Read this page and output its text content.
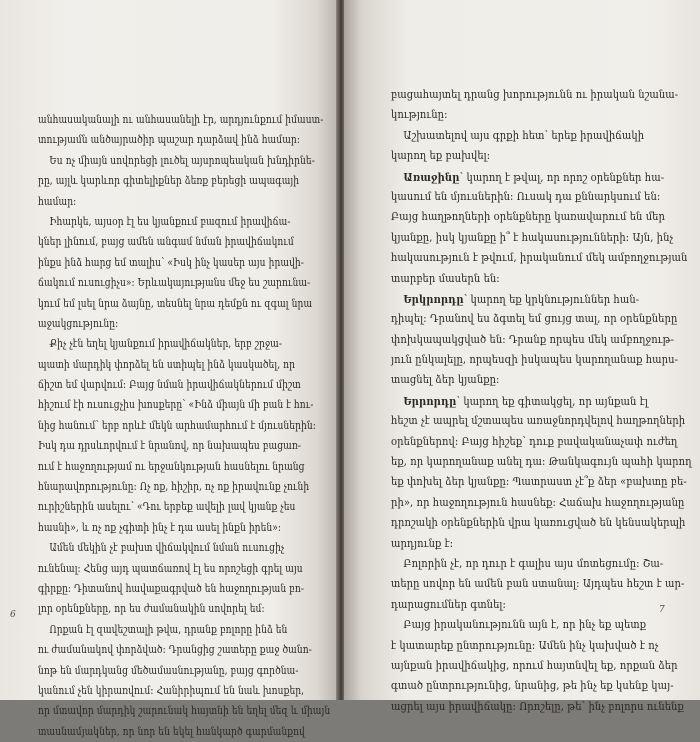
անհասականալի ու անհասանելի էր, արդյունքում իմաստ-
տությամն անծայրածիր պաշար դարձավ ինձ համար:
Ես ոչ միայն սովորեցի լուծել այսրոպեական խնդիրնե-
րը, այլև կարևոր գիտելիքներ ձեռք բերեցի ապագայի
համար:
Իհարկե, այսօր էլ ես կյանքում բազում իրավիճա-
կներ լինում, բայց ամեն անգամ նման իրավիճակում
ինքս ինձ հարց եմ տալիս՝ «Իսկ ինչ կասեր այս իրավի-
ճակում ուսուցիչս»: Երևակայությանս մեջ ես շարունա-
կում եմ լսել նրա ձայնը, տեսնել նրա դեմքն ու զգալ նրա
աջակցությունը:
Քիչ չէն եղել կյանքում իրավիճակներ, երբ շրջա-
պատի մարդիկ փորձել են ստիպել ինձ կասկածել, որ
ճիշտ եմ վարվում: Բայց նման իրավիճակներում միշտ
հիշում էի ուսուցչիս խոսքերը՝ «Ինձ միայն մի բան է հու-
նից հանում՝ երբ որևէ մեկն արհամարհում է մյուսներին:
Իսկ դա դրսևորվում է նրանով, որ նախապես բացառ-
ում է հաջողությամ ու երջանկության հասնելու նրանց
հնարավորությունը: Ոչ ոք, հիշիր, ոչ ոք իրավունք չունի
ուրիշներին ասելու՝ «Դու երբեք ավելի լավ կյանք չես
հասնի», և ոչ ոք չգիտի ինչ է դա ասել ինքն իրեն»:
Ամեն մեկին չէ բախտ վիճակվում նման ուսուցիչ
ունենալ: Հենց այդ պատճառով էլ ես որոշեցի գրել այս
գիրքը: Դիտանով հավաքագրված են հաջողության բո-
լոր օրենքները, որ ես ժամանակին սովորել եմ:
Որքան էլ զավեշտալի թվա, դրանք բոլորը ինձ են
ու ժամանակով փորձված: Դրանցից շատերը քաջ ծանո-
նոթ են մարդկանց մեծամասնությանը, բայց գործնա-
կանում չեն կիրառվում: Հանիրիպում են նաև խոսքեր,
որ մտավոր մարդիկ շարունակ հայտնի են եղել մեզ և միայն
տասնամյակներ, որ նոր են եկել հանկարծ գարմանքով
6
բացահայտել դրանց խորությունն ու իրական նշանա-
կությունը:
Աշխատելով այս գրքի հետ՝ երեք իրավիճակի
կարող եք բախվել:
Առաջինը՝ կարող է թվալ, որ որոշ օրենքներ հա-
կասում են մյուսներին: Ուսակ դա քննարկսում են:
Բայց հաղթողների օրենքները կառավարում են մեր
կյանքը, իսկ կյանքը ի՞ է հակասությունների: Այն, ինչ
հակասություն է թվում, իրականում մեկ ամբողջության
տարբեր մասերն են:
Երկրորդը՝ կարող եք կրկնություններ հան-
դիպել: Դրանով ես ձգտել եմ ցույց տալ, որ օրենքները
փոխկապակցված են: Դրանք որպես մեկ ամբողջութ-
յուն ընկալելը, որպեսզի իսկապես կարողանաք հարս-
տացնել ձեր կյանքը:
Երրորդը՝ կարող եք գիտակցել, որ այնքան էլ
հեշտ չէ ապրել մշտապես առաջնորդվելով հաղթողների
օրենքներով: Բայց հիշեք՝ դուք բավականաչափ ուժեղ
եք, որ կարողանաք անել դա: Թանկագույն պահի կարող
եք փոխել ձեր կյանքը: Պատրաստ չէ՞ք ձեր «բախտը բե-
րի», որ հաջողություն հասնեք: Հաճախ հաջողությանը
դրոշակի օրենքներին վրա կառուցված են կենսակերպի
արդյունք է:
Բոլորին չէ, որ դուր է գալիս այս մոտեցումը: Շա-
տերը սովոր են ամեն բան ստանալ: Այդպես հեշտ է ար-
դարացումներ գտնել:
Բայց իրականությունն այն է, որ ինչ եք պետք
է կատարեք ընտրությունը: Ամեն ինչ կախված է ոչ
այնքան իրավիճակից, որում հայտնվել եք, որքան ձեր
գտած ընտրությունից, նրանից, թե ինչ եք կսենք կայ-
ացրել այս իրավիճակը: Որոշելը, թե՝ ինչ բոլորս ունենք
7
